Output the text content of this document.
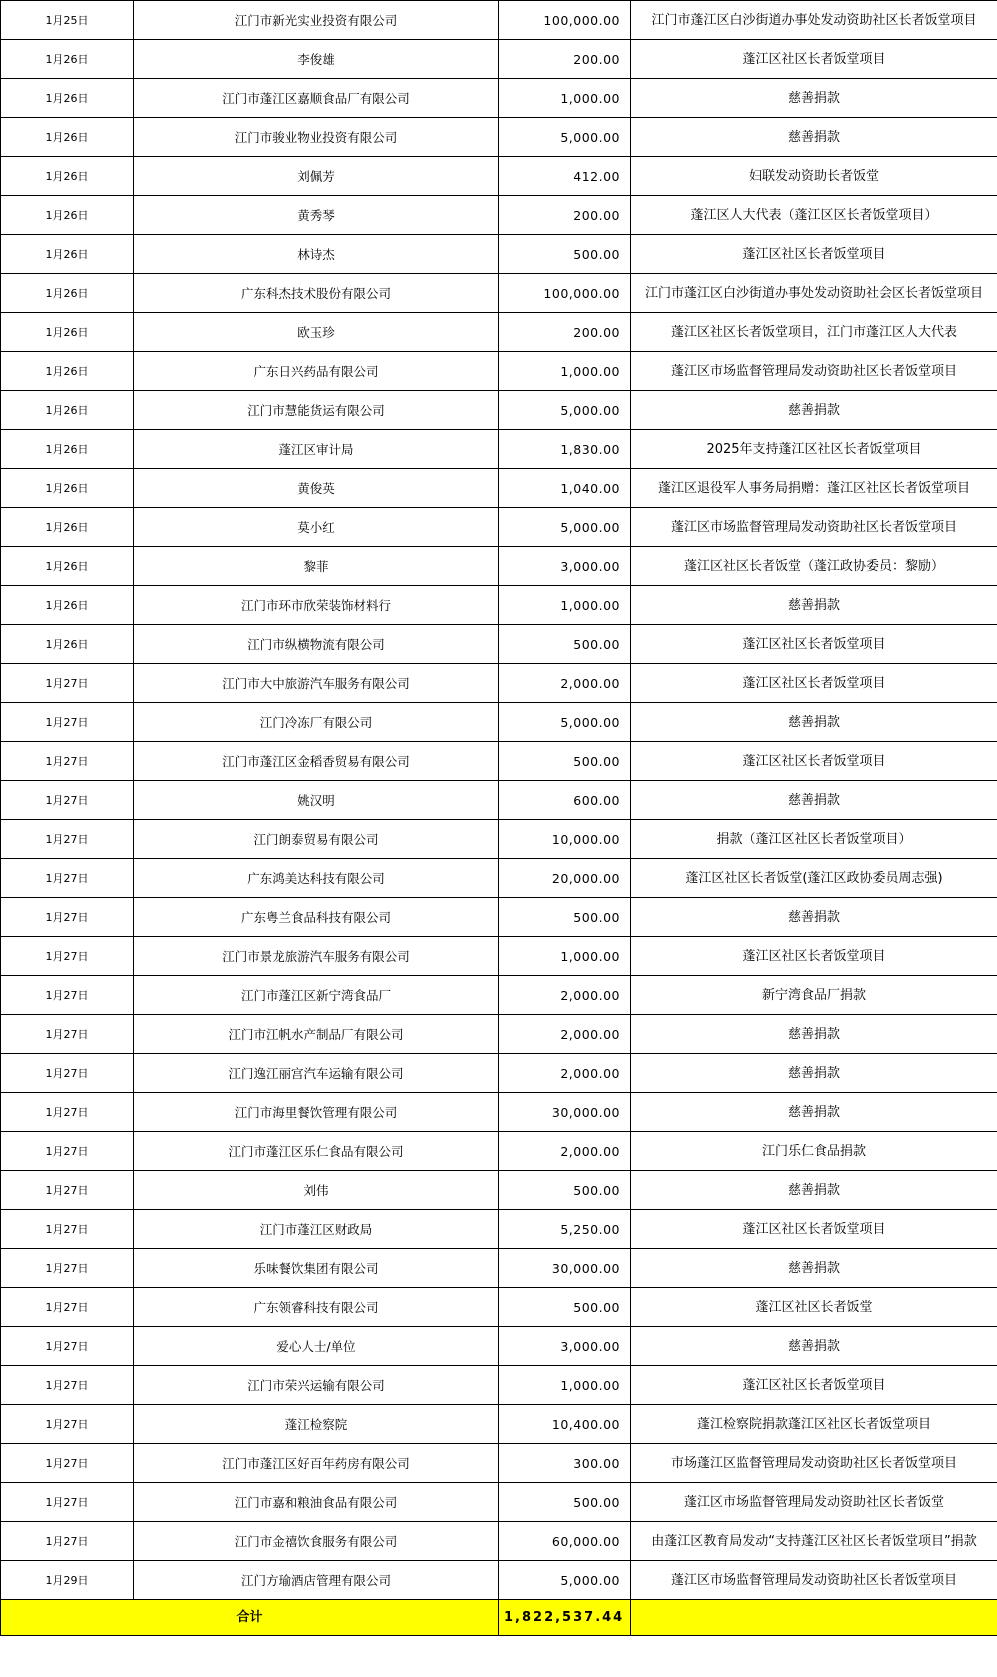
1月25日	江门市新光实业投资有限公司	100,000.00	江门市蓬江区白沙街道办事处发动资助社区长者饭堂项目
1月26日	李俊雄	200.00	蓬江区社区长者饭堂项目
1月26日	江门市蓬江区嘉顺食品厂有限公司	1,000.00	慈善捐款
1月26日	江门市骏业物业投资有限公司	5,000.00	慈善捐款
1月26日	刘佩芳	412.00	妇联发动资助长者饭堂
1月26日	黄秀琴	200.00	蓬江区人大代表（蓬江区区长者饭堂项目）
1月26日	林诗杰	500.00	蓬江区社区长者饭堂项目
1月26日	广东科杰技术股份有限公司	100,000.00	江门市蓬江区白沙街道办事处发动资助社会区长者饭堂项目
1月26日	欧玉珍	200.00	蓬江区社区长者饭堂项目，江门市蓬江区人大代表
1月26日	广东日兴药品有限公司	1,000.00	蓬江区市场监督管理局发动资助社区长者饭堂项目
1月26日	江门市慧能货运有限公司	5,000.00	慈善捐款
1月26日	蓬江区审计局	1,830.00	2025年支持蓬江区社区长者饭堂项目
1月26日	黄俊英	1,040.00	蓬江区退役军人事务局捐赠：蓬江区社区长者饭堂项目
1月26日	莫小红	5,000.00	蓬江区市场监督管理局发动资助社区长者饭堂项目
1月26日	黎菲	3,000.00	蓬江区社区长者饭堂（蓬江政协委员：黎励）
1月26日	江门市环市欣荣装饰材料行	1,000.00	慈善捐款
1月26日	江门市纵横物流有限公司	500.00	蓬江区社区长者饭堂项目
1月27日	江门市大中旅游汽车服务有限公司	2,000.00	蓬江区社区长者饭堂项目
1月27日	江门冷冻厂有限公司	5,000.00	慈善捐款
1月27日	江门市蓬江区金稻香贸易有限公司	500.00	蓬江区社区长者饭堂项目
1月27日	姚汉明	600.00	慈善捐款
1月27日	江门朗泰贸易有限公司	10,000.00	捐款（蓬江区社区长者饭堂项目）
1月27日	广东鸿美达科技有限公司	20,000.00	蓬江区社区长者饭堂(蓬江区政协委员周志强)
1月27日	广东粤兰食品科技有限公司	500.00	慈善捐款
1月27日	江门市景龙旅游汽车服务有限公司	1,000.00	蓬江区社区长者饭堂项目
1月27日	江门市蓬江区新宁湾食品厂	2,000.00	新宁湾食品厂捐款
1月27日	江门市江帆水产制品厂有限公司	2,000.00	慈善捐款
1月27日	江门逸江丽宫汽车运输有限公司	2,000.00	慈善捐款
1月27日	江门市海里餐饮管理有限公司	30,000.00	慈善捐款
1月27日	江门市蓬江区乐仁食品有限公司	2,000.00	江门乐仁食品捐款
1月27日	刘伟	500.00	慈善捐款
1月27日	江门市蓬江区财政局	5,250.00	蓬江区社区长者饭堂项目
1月27日	乐味餐饮集团有限公司	30,000.00	慈善捐款
1月27日	广东领睿科技有限公司	500.00	蓬江区社区长者饭堂
1月27日	爱心人士/单位	3,000.00	慈善捐款
1月27日	江门市荣兴运输有限公司	1,000.00	蓬江区社区长者饭堂项目
1月27日	蓬江检察院	10,400.00	蓬江检察院捐款蓬江区社区长者饭堂项目
1月27日	江门市蓬江区好百年药房有限公司	300.00	市场蓬江区监督管理局发动资助社区长者饭堂项目
1月27日	江门市嘉和粮油食品有限公司	500.00	蓬江区市场监督管理局发动资助社区长者饭堂
1月27日	江门市金禧饮食服务有限公司	60,000.00	由蓬江区教育局发动“支持蓬江区社区长者饭堂项目”捐款
1月29日	江门方瑜酒店管理有限公司	5,000.00	蓬江区市场监督管理局发动资助社区长者饭堂项目
合计		1,822,537.44	
